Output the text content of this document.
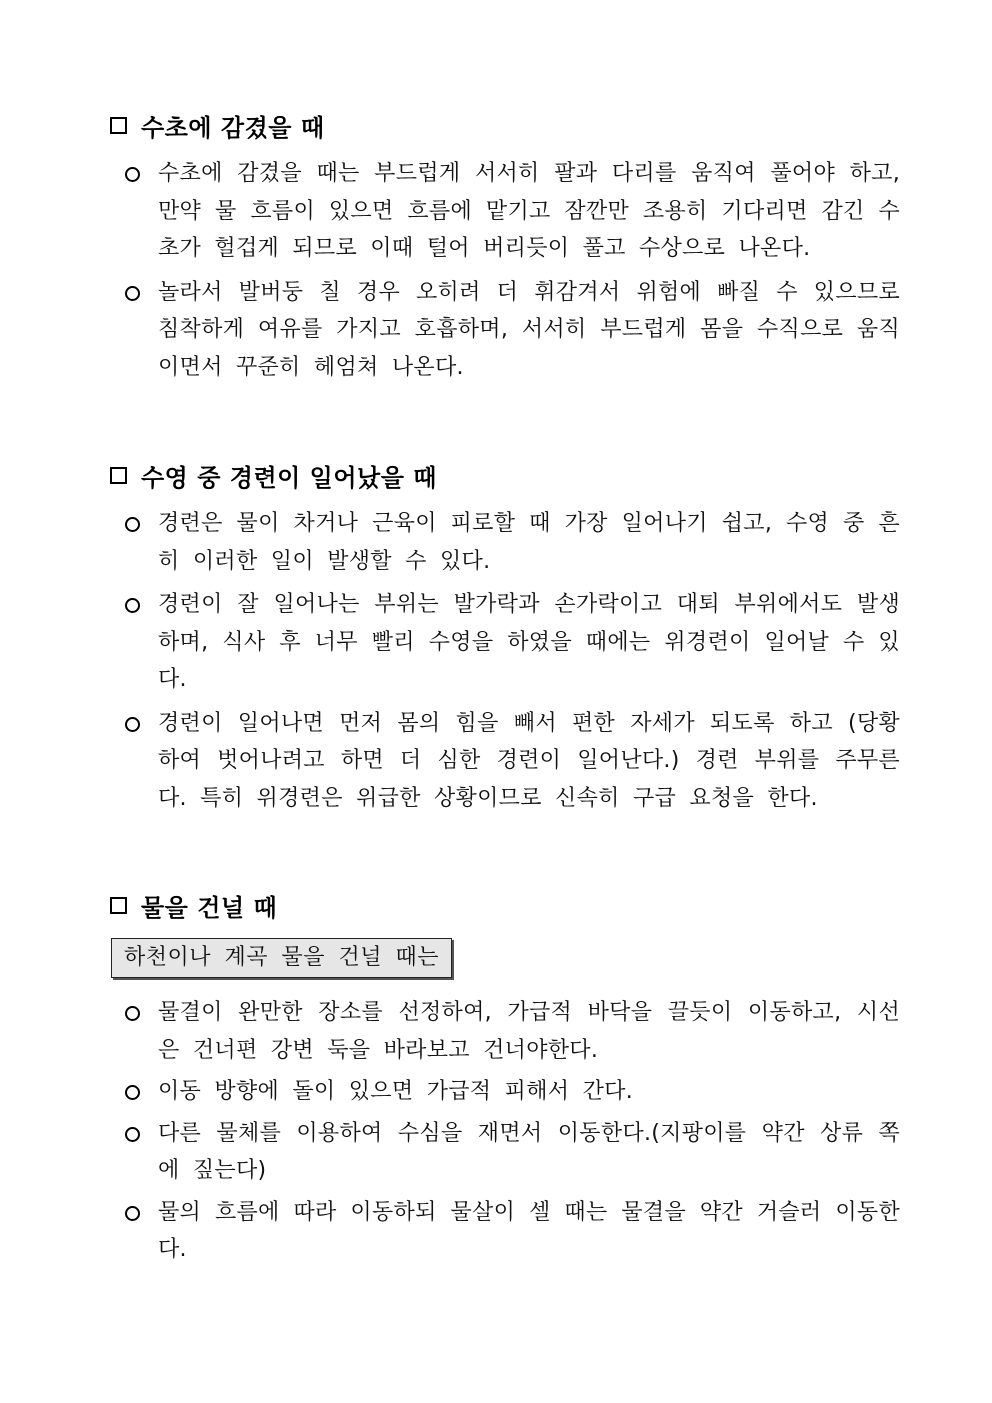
수초에 감겼을 때
수초에 감겼을 때는 부드럽게 서서히 팔과 다리를 움직여 풀어야 하고, 만약 물 흐름이 있으면 흐름에 맡기고 잠깐만 조용히 기다리면 감긴 수초가 헐겁게 되므로 이때 털어 버리듯이 풀고 수상으로 나온다.
놀라서 발버둥 칠 경우 오히려 더 휘감겨서 위험에 빠질 수 있으므로 침착하게 여유를 가지고 호흡하며, 서서히 부드럽게 몸을 수직으로 움직이면서 꾸준히 헤엄쳐 나온다.
수영 중 경련이 일어났을 때
경련은 물이 차거나 근육이 피로할 때 가장 일어나기 쉽고, 수영 중 흔히 이러한 일이 발생할 수 있다.
경련이 잘 일어나는 부위는 발가락과 손가락이고 대퇴 부위에서도 발생하며, 식사 후 너무 빨리 수영을 하였을 때에는 위경련이 일어날 수 있다.
경련이 일어나면 먼저 몸의 힘을 빼서 편한 자세가 되도록 하고 (당황하여 벗어나려고 하면 더 심한 경련이 일어난다.) 경련 부위를 주무른다. 특히 위경련은 위급한 상황이므로 신속히 구급 요청을 한다.
물을 건널 때
하천이나 계곡 물을 건널 때는
물결이 완만한 장소를 선정하여, 가급적 바닥을 끌듯이 이동하고, 시선은 건너편 강변 둑을 바라보고 건너야한다.
이동 방향에 돌이 있으면 가급적 피해서 간다.
다른 물체를 이용하여 수심을 재면서 이동한다.(지팡이를 약간 상류 쪽에 짚는다)
물의 흐름에 따라 이동하되 물살이 셀 때는 물결을 약간 거슬러 이동한다.
